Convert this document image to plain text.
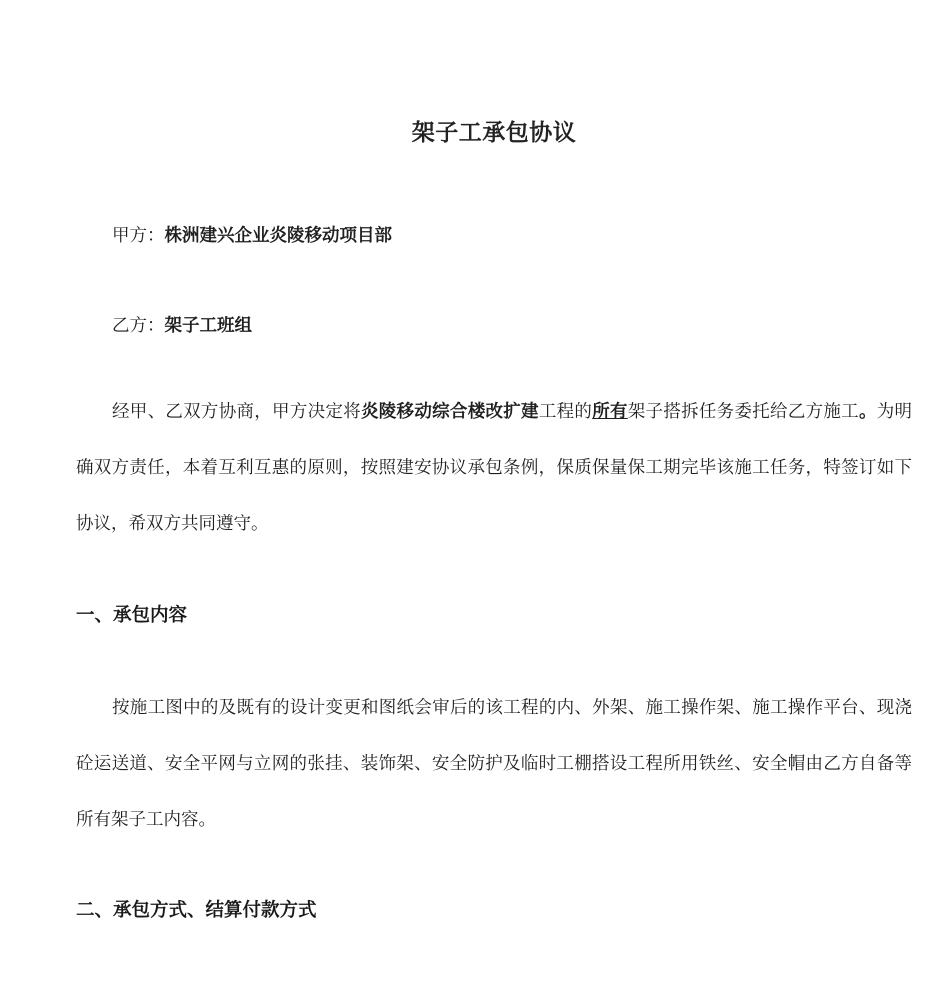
架子工承包协议
甲方：株洲建兴企业炎陵移动项目部
乙方：架子工班组
经甲、乙双方协商，甲方决定将炎陵移动综合楼改扩建工程的所有架子搭拆任务委托给乙方施工。为明确双方责任，本着互利互惠的原则，按照建安协议承包条例，保质保量保工期完毕该施工任务，特签订如下协议，希双方共同遵守。
一、承包内容
按施工图中的及既有的设计变更和图纸会审后的该工程的内、外架、施工操作架、施工操作平台、现浇砼运送道、安全平网与立网的张挂、装饰架、安全防护及临时工棚搭设工程所用铁丝、安全帽由乙方自备等所有架子工内容。
二、承包方式、结算付款方式
